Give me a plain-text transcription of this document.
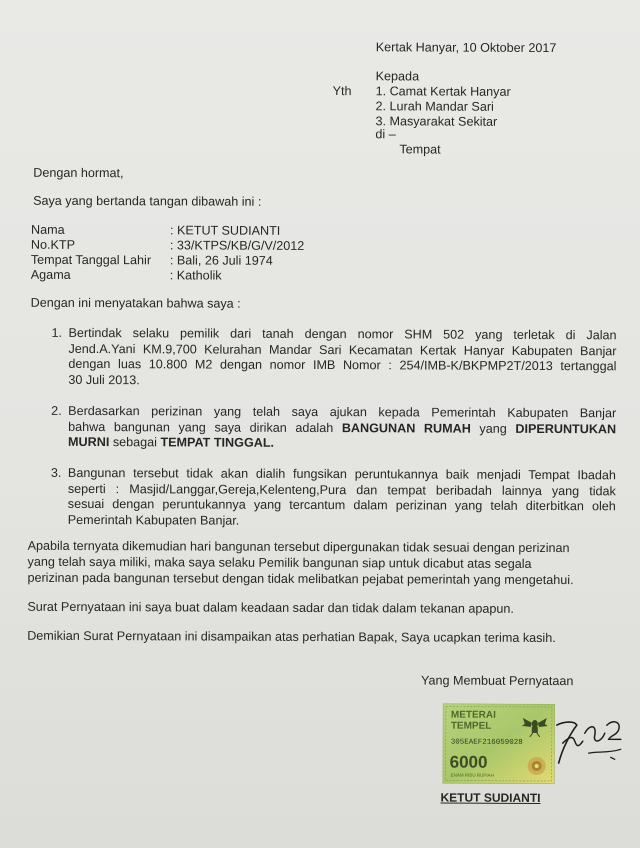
Kertak Hanyar, 10 Oktober 2017
Kepada
Yth 1. Camat Kertak Hanyar
2. Lurah Mandar Sari
3. Masyarakat Sekitar
di –
Tempat
Dengan hormat,
Saya yang bertanda tangan dibawah ini :
Nama	: KETUT SUDIANTI
No.KTP	: 33/KTPS/KB/G/V/2012
Tempat Tanggal Lahir : Bali, 26 Juli 1974
Agama	: Katholik
Dengan ini menyatakan bahwa saya :
1. Bertindak selaku pemilik dari tanah dengan nomor SHM 502 yang terletak di Jalan
Jend.A.Yani KM.9,700 Kelurahan Mandar Sari Kecamatan Kertak Hanyar Kabupaten Banjar
dengan luas 10.800 M2 dengan nomor IMB Nomor : 254/IMB-K/BKPMP2T/2013 tertanggal
30 Juli 2013.
2. Berdasarkan perizinan yang telah saya ajukan kepada Pemerintah Kabupaten Banjar
bahwa bangunan yang saya dirikan adalah BANGUNAN RUMAH yang DIPERUNTUKAN
MURNI sebagai TEMPAT TINGGAL.
3. Bangunan tersebut tidak akan dialih fungsikan peruntukannya baik menjadi Tempat Ibadah
seperti : Masjid/Langgar,Gereja,Kelenteng,Pura dan tempat beribadah lainnya yang tidak
sesuai dengan peruntukannya yang tercantum dalam perizinan yang telah diterbitkan oleh
Pemerintah Kabupaten Banjar.
Apabila ternyata dikemudian hari bangunan tersebut dipergunakan tidak sesuai dengan perizinan
yang telah saya miliki, maka saya selaku Pemilik bangunan siap untuk dicabut atas segala
perizinan pada bangunan tersebut dengan tidak melibatkan pejabat pemerintah yang mengetahui.
Surat Pernyataan ini saya buat dalam keadaan sadar dan tidak dalam tekanan apapun.
Demikian Surat Pernyataan ini disampaikan atas perhatian Bapak, Saya ucapkan terima kasih.
Yang Membuat Pernyataan
METERAI
TEMPEL
305EAEF216059028
6000
ENAM RIBU RUPIAH
KETUT SUDIANTI
